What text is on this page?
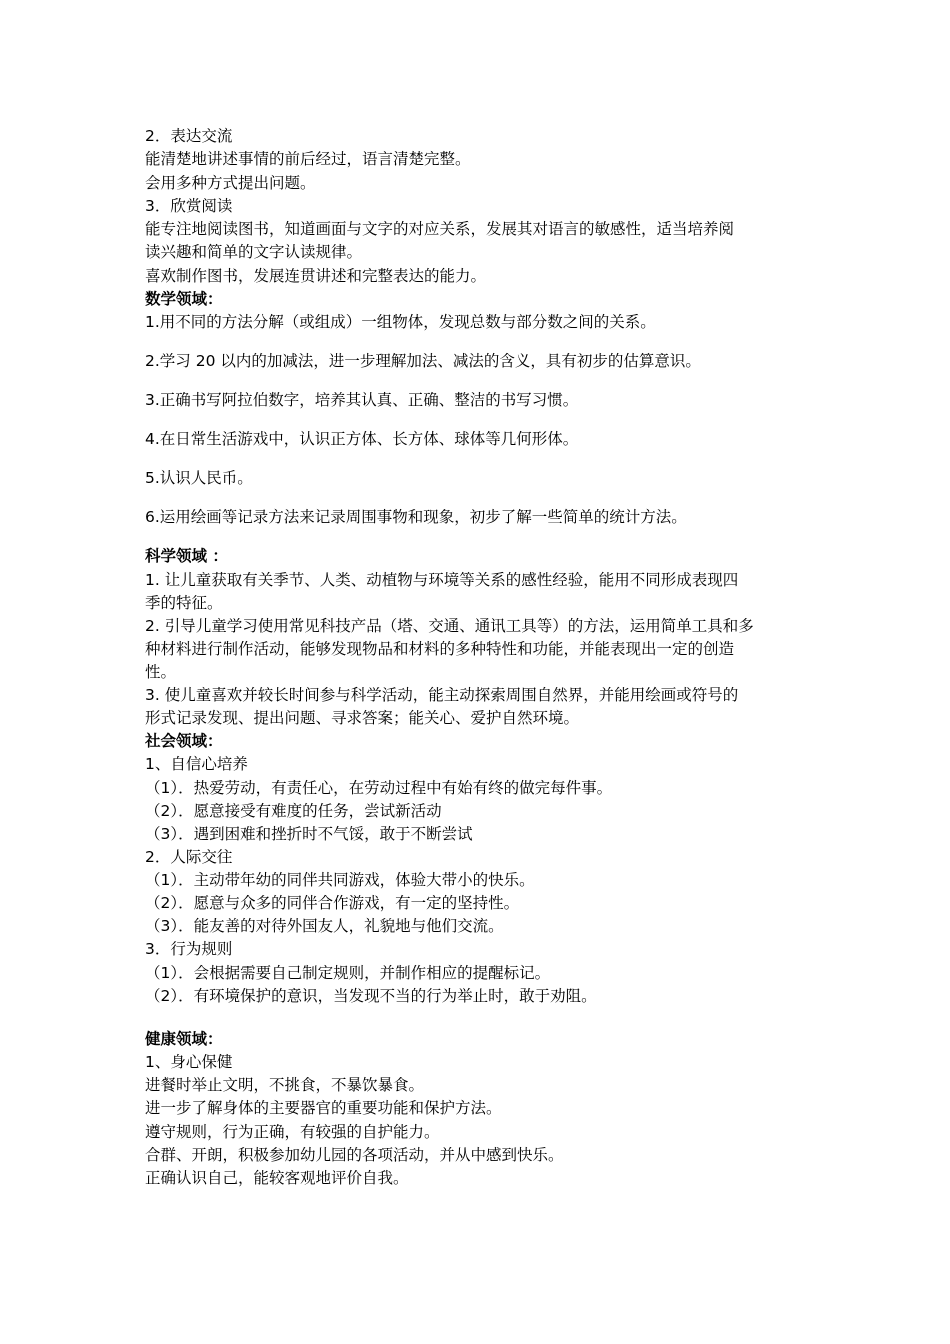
2．表达交流
能清楚地讲述事情的前后经过，语言清楚完整。
会用多种方式提出问题。
3．欣赏阅读
能专注地阅读图书，知道画面与文字的对应关系，发展其对语言的敏感性，适当培养阅
读兴趣和简单的文字认读规律。
喜欢制作图书，发展连贯讲述和完整表达的能力。
数学领域：
1.用不同的方法分解（或组成）一组物体，发现总数与部分数之间的关系。
2.学习 20 以内的加减法，进一步理解加法、减法的含义，具有初步的估算意识。
3.正确书写阿拉伯数字，培养其认真、正确、整洁的书写习惯。
4.在日常生活游戏中，认识正方体、长方体、球体等几何形体。
5.认识人民币。
6.运用绘画等记录方法来记录周围事物和现象，初步了解一些简单的统计方法。
科学领域 ：
1. 让儿童获取有关季节、人类、动植物与环境等关系的感性经验，能用不同形成表现四
季的特征。
2. 引导儿童学习使用常见科技产品（塔、交通、通讯工具等）的方法，运用简单工具和多
种材料进行制作活动，能够发现物品和材料的多种特性和功能，并能表现出一定的创造
性。
3. 使儿童喜欢并较长时间参与科学活动，能主动探索周围自然界，并能用绘画或符号的
形式记录发现、提出问题、寻求答案；能关心、爱护自然环境。
社会领域：
1、自信心培养
（1）．热爱劳动，有责任心，在劳动过程中有始有终的做完每件事。
（2）．愿意接受有难度的任务，尝试新活动
（3）．遇到困难和挫折时不气馁，敢于不断尝试
2．人际交往
（1）．主动带年幼的同伴共同游戏，体验大带小的快乐。
（2）．愿意与众多的同伴合作游戏，有一定的坚持性。
（3）．能友善的对待外国友人，礼貌地与他们交流。
3．行为规则
（1）．会根据需要自己制定规则，并制作相应的提醒标记。
（2）．有环境保护的意识，当发现不当的行为举止时，敢于劝阻。
健康领域：
1、身心保健
进餐时举止文明，不挑食，不暴饮暴食。
进一步了解身体的主要器官的重要功能和保护方法。
遵守规则，行为正确，有较强的自护能力。
合群、开朗，积极参加幼儿园的各项活动，并从中感到快乐。
正确认识自己，能较客观地评价自我。
